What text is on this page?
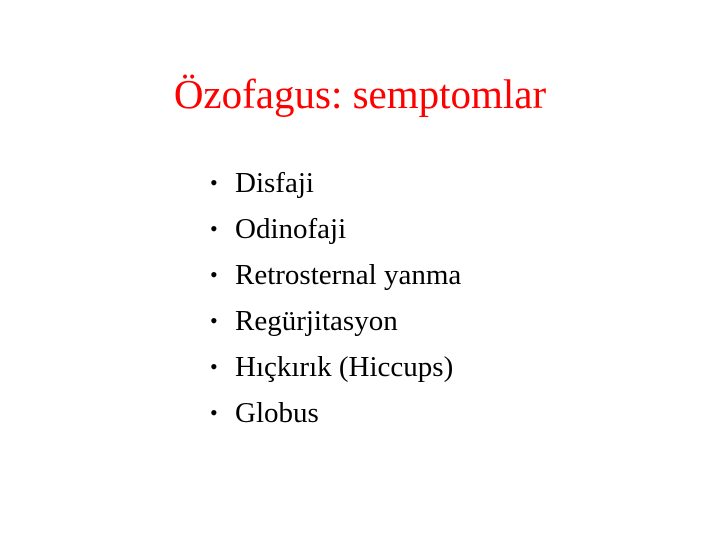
Özofagus: semptomlar
• Disfaji
• Odinofaji
• Retrosternal yanma
• Regürjitasyon
• Hıçkırık (Hiccups)
• Globus
